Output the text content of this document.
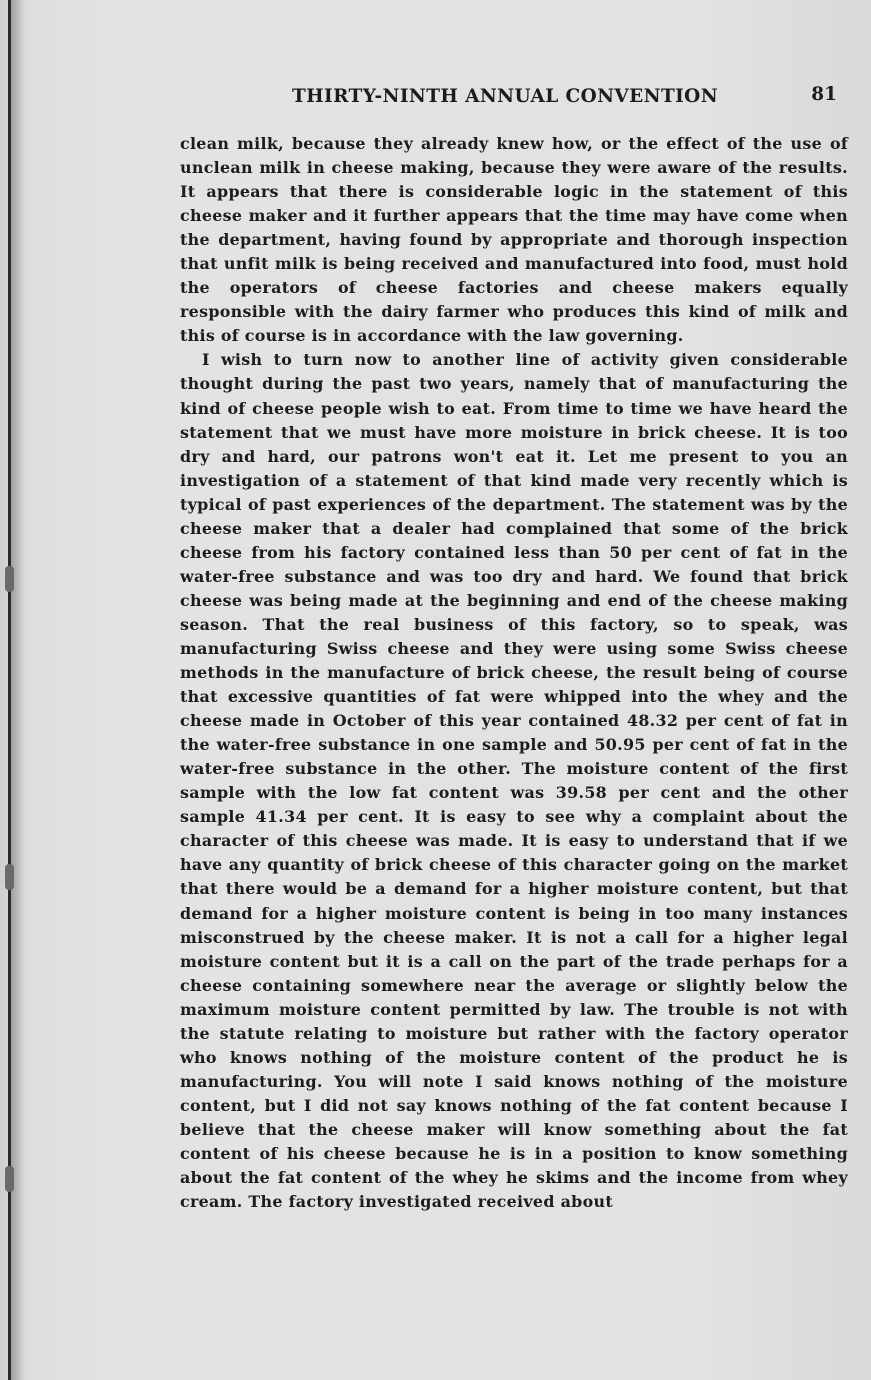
THIRTY-NINTH ANNUAL CONVENTION	81

clean milk, because they already knew how, or the effect of the use of unclean milk in cheese making, because they were aware of the results. It appears that there is considerable logic in the statement of this cheese maker and it further appears that the time may have come when the department, having found by appropriate and thorough inspection that unfit milk is being received and manufactured into food, must hold the operators of cheese factories and cheese makers equally responsible with the dairy farmer who produces this kind of milk and this of course is in accordance with the law governing.

I wish to turn now to another line of activity given considerable thought during the past two years, namely that of manufacturing the kind of cheese people wish to eat. From time to time we have heard the statement that we must have more moisture in brick cheese. It is too dry and hard, our patrons won't eat it. Let me present to you an investigation of a statement of that kind made very recently which is typical of past experiences of the department. The statement was by the cheese maker that a dealer had complained that some of the brick cheese from his factory contained less than 50 per cent of fat in the water-free substance and was too dry and hard. We found that brick cheese was being made at the beginning and end of the cheese making season. That the real business of this factory, so to speak, was manufacturing Swiss cheese and they were using some Swiss cheese methods in the manufacture of brick cheese, the result being of course that excessive quantities of fat were whipped into the whey and the cheese made in October of this year contained 48.32 per cent of fat in the water-free substance in one sample and 50.95 per cent of fat in the water-free substance in the other. The moisture content of the first sample with the low fat content was 39.58 per cent and the other sample 41.34 per cent. It is easy to see why a complaint about the character of this cheese was made. It is easy to understand that if we have any quantity of brick cheese of this character going on the market that there would be a demand for a higher moisture content, but that demand for a higher moisture content is being in too many instances misconstrued by the cheese maker. It is not a call for a higher legal moisture content but it is a call on the part of the trade perhaps for a cheese containing somewhere near the average or slightly below the maximum moisture content permitted by law. The trouble is not with the statute relating to moisture but rather with the factory operator who knows nothing of the moisture content of the product he is manufacturing. You will note I said knows nothing of the moisture content, but I did not say knows nothing of the fat content because I believe that the cheese maker will know something about the fat content of his cheese because he is in a position to know something about the fat content of the whey he skims and the income from whey cream. The factory investigated received about
